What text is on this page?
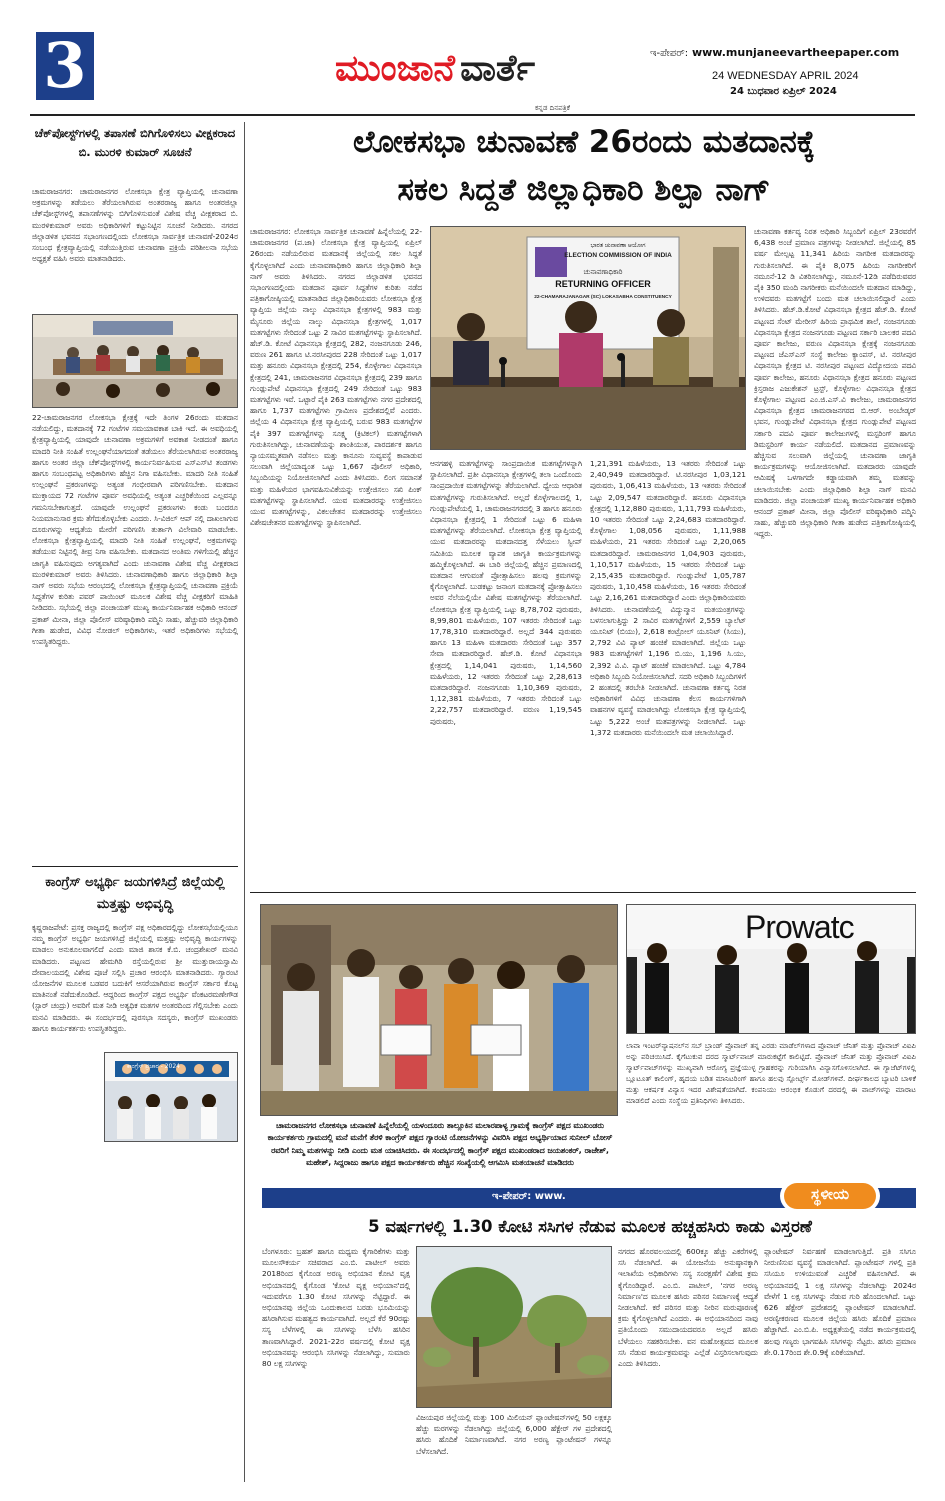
3	ಮುಂಜಾನೆ ವಾರ್ತೆ
ಕನ್ನಡ ದಿನಪತ್ರಿಕೆ
ಇ-ಪೇಪರ್: www.munjaneevartheepaper.com
24 WEDNESDAY APRIL 2024
24 ಬುಧವಾರ ಏಪ್ರಿಲ್ 2024
ಚೆಕ್‌ಪೋಸ್ಟ್‌ಗಳಲ್ಲಿ ತಪಾಸಣೆ ಬಿಗಿಗೊಳಿಸಲು ವೀಕ್ಷಕರಾದ ಬಿ. ಮುರಳಿ ಕುಮಾರ್ ಸೂಚನೆ
ಚಾಮರಾಜನಗರ: ಚಾಮರಾಜನಗರ ಲೋಕಸಭಾ ಕ್ಷೇತ್ರ ವ್ಯಾಪ್ತಿಯಲ್ಲಿ ಚುನಾವಣಾ ಅಕ್ರಮಗಳನ್ನು ತಡೆಯಲು ತೆರೆಯಲಾಗಿರುವ ಅಂತರರಾಜ್ಯ ಹಾಗೂ ಅಂತರಜಿಲ್ಲಾ ಚೆಕ್‌ಪೋಸ್ಟ್‌ಗಳಲ್ಲಿ ತಪಾಸಣೆಗಳನ್ನು ಬಿಗಿಗೊಳಿಸುವಂತೆ ವಿಶೇಷ ವೆಚ್ಚ ವೀಕ್ಷಕರಾದ ಬಿ. ಮುರಳಿಕುಮಾರ್ ಅವರು ಅಧಿಕಾರಿಗಳಿಗೆ ಕಟ್ಟುನಿಟ್ಟಿನ ಸೂಚನೆ ನೀಡಿದರು. ನಗರದ ಜಿಲ್ಲಾಡಳಿತ ಭವನದ ಸಭಾಂಗಣದಲ್ಲಿಂದು ಲೋಕಸಭಾ ಸಾರ್ವತ್ರಿಕ ಚುನಾವಣೆ-2024ರ ಸಂಬಂಧ ಕ್ಷೇತ್ರವ್ಯಾಪ್ತಿಯಲ್ಲಿ ನಡೆಯುತ್ತಿರುವ ಚುನಾವಣಾ ಪ್ರಕ್ರಿಯೆ ಪರಿಶೀಲನಾ ಸಭೆಯ ಅಧ್ಯಕ್ಷತೆ ವಹಿಸಿ ಅವರು ಮಾತನಾಡಿದರು.
22-ಚಾಮರಾಜನಗರ ಲೋಕಸಭಾ ಕ್ಷೇತ್ರಕ್ಕೆ ಇದೇ ತಿಂಗಳ 26ರಂದು ಮತದಾನ ನಡೆಯಲಿದ್ದು, ಮತದಾನಕ್ಕೆ 72 ಗಂಟೆಗಳ ಸಮಯಾವಕಾಶ ಬಾಕಿ ಇದೆ. ಈ ಅವಧಿಯಲ್ಲಿ ಕ್ಷೇತ್ರವ್ಯಾಪ್ತಿಯಲ್ಲಿ ಯಾವುದೇ ಚುನಾವಣಾ ಅಕ್ರಮಗಳಿಗೆ ಅವಕಾಶ ನೀಡದಂತೆ ಹಾಗೂ ಮಾದರಿ ನೀತಿ ಸಂಹಿತೆ ಉಲ್ಲಂಘನೆಯಾಗದಂತೆ ತಡೆಯಲು ತೆರೆಯಲಾಗಿರುವ ಅಂತರರಾಜ್ಯ ಹಾಗೂ ಅಂತರ ಜಿಲ್ಲಾ ಚೆಕ್‌ಪೋಸ್ಟ್‌ಗಳಲ್ಲಿ ಕಾರ್ಯನಿರ್ವಹಿಸುವ ಎಸ್‌ಎಸ್‌ಟಿ ತಂಡಗಳು ಹಾಗೂ ಸಂಬಂಧಪಟ್ಟ ಅಧಿಕಾರಿಗಳು ಹೆಚ್ಚಿನ ನಿಗಾ ವಹಿಸಬೇಕು. ಮಾದರಿ ನೀತಿ ಸಂಹಿತೆ ಉಲ್ಲಂಘನೆ ಪ್ರಕರಣಗಳನ್ನು ಅತ್ಯಂತ ಗಂಭೀರವಾಗಿ ಪರಿಗಣಿಸಬೇಕು. ಮತದಾನ ಮುಕ್ತಾಯದ 72 ಗಂಟೆಗಳ ಪೂರ್ವ ಅವಧಿಯಲ್ಲಿ ಅತ್ಯಂತ ಎಚ್ಚರಿಕೆಯಿಂದ ಎಲ್ಲವನ್ನೂ ಗಮನಿಸಬೇಕಾಗುತ್ತದೆ. ಯಾವುದೇ ಉಲ್ಲಂಘನೆ ಪ್ರಕರಣಗಳು ಕಂಡು ಬಂದರೂ ನಿಯಮಾನುಸಾರ ಕ್ರಮ ತೆಗೆದುಕೊಳ್ಳಬೇಕು ಎಂದರು. ಸಿ-ವಿಜಿಲ್ ಆಪ್ ನಲ್ಲಿ ದಾಖಲಾಗುವ ದೂರುಗಳನ್ನು ಆಧ್ಯತೆಯ ಮೇರೆಗೆ ಪರಿಗಣಿಸಿ ತುರ್ತಾಗಿ ವಿಲೇವಾರಿ ಮಾಡಬೇಕು. ಲೋಕಸಭಾ ಕ್ಷೇತ್ರವ್ಯಾಪ್ತಿಯಲ್ಲಿ ಮಾದರಿ ನೀತಿ ಸಂಹಿತೆ ಉಲ್ಲಂಘನೆ, ಅಕ್ರಮಗಳನ್ನು ತಡೆಯುವ ನಿಟ್ಟಿನಲ್ಲಿ ತೀವ್ರ ನಿಗಾ ವಹಿಸಬೇಕು. ಮತದಾನದ ಅಂತಿಮ ಗಳಿಗೆಯಲ್ಲಿ ಹೆಚ್ಚಿನ ಜಾಗೃತಿ ವಹಿಸುವುದು ಅಗತ್ಯವಾಗಿದೆ ಎಂದು ಚುನಾವಣಾ ವಿಶೇಷ ವೆಚ್ಚ ವೀಕ್ಷಕರಾದ ಮುರಳಿಕುಮಾರ್ ಅವರು ತಿಳಿಸಿದರು. ಚುನಾವಣಾಧಿಕಾರಿ ಹಾಗೂ ಜಿಲ್ಲಾಧಿಕಾರಿ ಶಿಲ್ಪಾ ನಾಗ್ ಅವರು ಸಭೆಯ ಆರಂಭದಲ್ಲಿ ಲೋಕಸಭಾ ಕ್ಷೇತ್ರವ್ಯಾಪ್ತಿಯಲ್ಲಿ ಚುನಾವಣಾ ಪ್ರಕ್ರಿಯೆ ಸಿದ್ದತೆಗಳ ಕುರಿತು ಪವರ್ ಪಾಯಿಂಟ್ ಮೂಲಕ ವಿಶೇಷ ವೆಚ್ಚ ವೀಕ್ಷಕರಿಗೆ ಮಾಹಿತಿ ನೀಡಿದರು. ಸಭೆಯಲ್ಲಿ ಜಿಲ್ಲಾ ಪಂಚಾಯತ್ ಮುಖ್ಯ ಕಾರ್ಯನಿರ್ವಾಹಕ ಅಧಿಕಾರಿ ಆನಂದ್ ಪ್ರಕಾಶ್ ಮೀನಾ, ಜಿಲ್ಲಾ ಪೊಲೀಸ್ ವರಿಷ್ಠಾಧಿಕಾರಿ ಪದ್ಮಿನಿ ಸಾಹು, ಹೆಚ್ಚುವರಿ ಜಿಲ್ಲಾಧಿಕಾರಿ ಗೀತಾ ಹುಡೇದ, ವಿವಿಧ ನೋಡಲ್ ಅಧಿಕಾರಿಗಳು, ಇತರೆ ಅಧಿಕಾರಿಗಳು ಸಭೆಯಲ್ಲಿ ಉಪಸ್ಥಿತರಿದ್ದರು.
ಕಾಂಗ್ರೆಸ್ ಅಭ್ಯರ್ಥಿ ಜಯಗಳಿಸಿದ್ರೆ ಜಿಲ್ಲೆಯಲ್ಲಿ ಮತ್ತಷ್ಟು ಅಭಿವೃದ್ಧಿ
ಕೃಷ್ಣರಾಜಪೇಟೆ: ಪ್ರಸಕ್ತ ರಾಜ್ಯದಲ್ಲಿ ಕಾಂಗ್ರೆಸ್ ಪಕ್ಷ ಅಧಿಕಾರದಲ್ಲಿದ್ದು ಲೋಕಸಭೆಯಲ್ಲಿಯೂ ನಮ್ಮ ಕಾಂಗ್ರೆಸ್ ಅಭ್ಯರ್ಥಿ ಜಯಗಳಿಸಿದ್ರೆ ಜಿಲ್ಲೆಯಲ್ಲಿ ಮತ್ತಷ್ಟು ಅಭಿವೃದ್ಧಿ ಕಾರ್ಯಗಳನ್ನು ಮಾಡಲು ಅನುಕೂಲವಾಗಲಿದೆ ಎಂದು ಮಾಜಿ ಶಾಸಕ ಕೆ.ಬಿ. ಚಂದ್ರಶೇಖರ್ ಮನವಿ ಮಾಡಿದರು. ಪಟ್ಟಣದ ಹೇಮಗಿರಿ ರಸ್ತೆಯಲ್ಲಿರುವ ಶ್ರೀ ಮುತ್ತುರಾಯಸ್ವಾಮಿ ದೇವಾಲಯದಲ್ಲಿ ವಿಶೇಷ ಪೂಜೆ ಸಲ್ಲಿಸಿ ಪ್ರಚಾರ ಆರಂಭಿಸಿ ಮಾತನಾಡಿದರು. ಗ್ಯಾರಂಟಿ ಯೋಜನೆಗಳ ಮೂಲಕ ಬಡವರ ಬದುಕಿಗೆ ಆಸರೆಯಾಗಿರುವ ಕಾಂಗ್ರೆಸ್ ಸರ್ಕಾರ ಕೊಟ್ಟ ಮಾತಿನಂತೆ ನಡೆದುಕೊಂಡಿದೆ. ಆದ್ದರಿಂದ ಕಾಂಗ್ರೆಸ್ ಪಕ್ಷದ ಅಭ್ಯರ್ಥಿ ವೆಂಕಟರಮಣೇಗೌಡ (ಸ್ಟಾರ್ ಚಂದ್ರು) ಅವರಿಗೆ ಮತ ನೀಡಿ ಅತ್ಯಧಿಕ ಮತಗಳ ಅಂತರದಿಂದ ಗೆಲ್ಲಿಸಬೇಕು ಎಂದು ಮನವಿ ಮಾಡಿದರು. ಈ ಸಂದರ್ಭದಲ್ಲಿ ಪುರಸಭಾ ಸದಸ್ಯರು, ಕಾಂಗ್ರೆಸ್ ಮುಖಂಡರು ಹಾಗೂ ಕಾರ್ಯಕರ್ತರು ಉಪಸ್ಥಿತರಿದ್ದರು.
ಕಾಂಗ್ರೆಸ್ ಪ್ರಚಾರ - 2024
ಲೋಕಸಭಾ ಚುನಾವಣೆ 26ರಂದು ಮತದಾನಕ್ಕೆ
ಸಕಲ ಸಿದ್ದತೆ ಜಿಲ್ಲಾಧಿಕಾರಿ ಶಿಲ್ಪಾ ನಾಗ್
ಚಾಮರಾಜನಗರ: ಲೋಕಸಭಾ ಸಾರ್ವತ್ರಿಕ ಚುನಾವಣೆ ಹಿನ್ನೆಲೆಯಲ್ಲಿ 22-ಚಾಮರಾಜನಗರ (ಪ.ಜಾ) ಲೋಕಸಭಾ ಕ್ಷೇತ್ರ ವ್ಯಾಪ್ತಿಯಲ್ಲಿ ಏಪ್ರಿಲ್ 26ರಂದು ನಡೆಯಲಿರುವ ಮತದಾನಕ್ಕೆ ಜಿಲ್ಲೆಯಲ್ಲಿ ಸಕಲ ಸಿದ್ದತೆ ಕೈಗೊಳ್ಳಲಾಗಿದೆ ಎಂದು ಚುನಾವಣಾಧಿಕಾರಿ ಹಾಗೂ ಜಿಲ್ಲಾಧಿಕಾರಿ ಶಿಲ್ಪಾ ನಾಗ್ ಅವರು ತಿಳಿಸಿದರು. ನಗರದ ಜಿಲ್ಲಾಡಳಿತ ಭವನದ ಸಭಾಂಗಣದಲ್ಲಿಂದು ಮತದಾನ ಪೂರ್ವ ಸಿದ್ದತೆಗಳ ಕುರಿತು ನಡೆದ ಪತ್ರಿಕಾಗೋಷ್ಠಿಯಲ್ಲಿ ಮಾತನಾಡಿದ ಜಿಲ್ಲಾಧಿಕಾರಿಯವರು ಲೋಕಸಭಾ ಕ್ಷೇತ್ರ ವ್ಯಾಪ್ತಿಯ ಜಿಲ್ಲೆಯ ನಾಲ್ಕು ವಿಧಾನಸಭಾ ಕ್ಷೇತ್ರಗಳಲ್ಲಿ 983 ಮತ್ತು ಮೈಸೂರು ಜಿಲ್ಲೆಯ ನಾಲ್ಕು ವಿಧಾನಸಭಾ ಕ್ಷೇತ್ರಗಳಲ್ಲಿ 1,017 ಮತಗಟ್ಟೆಗಳು ಸೇರಿದಂತೆ ಒಟ್ಟು 2 ಸಾವಿರ ಮತಗಟ್ಟೆಗಳನ್ನು ಸ್ಥಾಪಿಸಲಾಗಿದೆ. ಹೆಚ್.ಡಿ. ಕೋಟೆ ವಿಧಾನಸಭಾ ಕ್ಷೇತ್ರದಲ್ಲಿ 282, ನಂಜನಗೂಡು 246, ವರುಣ 261 ಹಾಗೂ ಟಿ.ನರಸೀಪುರದ 228 ಸೇರಿದಂತೆ ಒಟ್ಟು 1,017 ಮತ್ತು ಹನೂರು ವಿಧಾನಸಭಾ ಕ್ಷೇತ್ರದಲ್ಲಿ 254, ಕೊಳ್ಳೇಗಾಲ ವಿಧಾನಸಭಾ ಕ್ಷೇತ್ರದಲ್ಲಿ 241, ಚಾಮರಾಜನಗರ ವಿಧಾನಸಭಾ ಕ್ಷೇತ್ರದಲ್ಲಿ 239 ಹಾಗೂ ಗುಂಡ್ಲುಪೇಟೆ ವಿಧಾನಸಭಾ ಕ್ಷೇತ್ರದಲ್ಲಿ 249 ಸೇರಿದಂತೆ ಒಟ್ಟು 983 ಮತಗಟ್ಟೆಗಳು ಇವೆ. ಒಟ್ಟಾರೆ ಪೈಕಿ 263 ಮತಗಟ್ಟೆಗಳು ನಗರ ಪ್ರದೇಶದಲ್ಲಿ ಹಾಗೂ 1,737 ಮತಗಟ್ಟೆಗಳು ಗ್ರಾಮೀಣ ಪ್ರದೇಶದಲ್ಲಿವೆ ಎಂದರು. ಜಿಲ್ಲೆಯ 4 ವಿಧಾನಸಭಾ ಕ್ಷೇತ್ರ ವ್ಯಾಪ್ತಿಯಲ್ಲಿ ಬರುವ 983 ಮತಗಟ್ಟೆಗಳ ಪೈಕಿ 397 ಮತಗಟ್ಟೆಗಳನ್ನು ಸೂಕ್ಷ್ಮ (ಕ್ರಿಟಿಕಲ್) ಮತಗಟ್ಟೆಗಳಾಗಿ ಗುರುತಿಸಲಾಗಿದ್ದು, ಚುನಾವಣೆಯನ್ನು ಶಾಂತಿಯುತ, ಪಾರದರ್ಶಕ ಹಾಗೂ ನ್ಯಾಯಸಮ್ಮತವಾಗಿ ನಡೆಸಲು ಮತ್ತು ಕಾನೂನು ಸುವ್ಯವಸ್ಥೆ ಕಾಪಾಡುವ ಸಲುವಾಗಿ ಜಿಲ್ಲೆಯಾದ್ಯಂತ ಒಟ್ಟು 1,667 ಪೊಲೀಸ್ ಅಧಿಕಾರಿ, ಸಿಬ್ಬಂದಿಯನ್ನು ನಿಯೋಜಿಸಲಾಗಿದೆ ಎಂದು ತಿಳಿಸಿದರು. ಲಿಂಗ ಸಮಾನತೆ ಮತ್ತು ಮಹಿಳೆಯರ ಭಾಗವಹಿಸುವಿಕೆಯನ್ನು ಉತ್ತೇಜಿಸಲು ಸಖಿ ಪಿಂಕ್ ಮತಗಟ್ಟೆಗಳನ್ನು ಸ್ಥಾಪಿಸಲಾಗಿದೆ. ಯುವ ಮತದಾರರನ್ನು ಉತ್ತೇಜಿಸಲು ಯುವ ಮತಗಟ್ಟೆಗಳನ್ನು, ವಿಕಲಚೇತನ ಮತದಾರರನ್ನು ಉತ್ತೇಜಿಸಲು ವಿಶೇಷಚೇತನರ ಮತಗಟ್ಟೆಗಳನ್ನು ಸ್ಥಾಪಿಸಲಾಗಿದೆ.
ಭಾರತ ಚುನಾವಣಾ ಆಯೋಗ
ELECTION COMMISSION OF INDIA
ಚುನಾವಣಾಧಿಕಾರಿ
RETURNING OFFICER
22-CHAMARAJANAGAR (SC) LOKASABHA CONSTITUENCY
ಆನಗಹಳ್ಳಿ ಮತಗಟ್ಟೆಗಳನ್ನು ಸಾಂಪ್ರದಾಯಿಕ ಮತಗಟ್ಟೆಗಳನ್ನಾಗಿ ಸ್ಥಾಪಿಸಲಾಗಿದೆ. ಪ್ರತೀ ವಿಧಾನಸಭಾ ಕ್ಷೇತ್ರಗಳಲ್ಲಿ ತಲಾ ಒಂದೊಂದು ಸಾಂಪ್ರದಾಯಿಕ ಮತಗಟ್ಟೆಗಳನ್ನು ತೆರೆಯಲಾಗಿದೆ. ಧ್ಯೇಯ ಆಧಾರಿತ ಮತಗಟ್ಟೆಗಳನ್ನು ಗುರುತಿಸಲಾಗಿದೆ. ಅಲ್ಲದೆ ಕೊಳ್ಳೇಗಾಲದಲ್ಲಿ 1, ಗುಂಡ್ಲುಪೇಟೆಯಲ್ಲಿ 1, ಚಾಮರಾಜನಗರದಲ್ಲಿ 3 ಹಾಗೂ ಹನೂರು ವಿಧಾನಸಭಾ ಕ್ಷೇತ್ರದಲ್ಲಿ 1 ಸೇರಿದಂತೆ ಒಟ್ಟು 6 ಮಹಿಳಾ ಮತಗಟ್ಟೆಗಳನ್ನು ತೆರೆಯಲಾಗಿದೆ. ಲೋಕಸಭಾ ಕ್ಷೇತ್ರ ವ್ಯಾಪ್ತಿಯಲ್ಲಿ ಯುವ ಮತದಾರರನ್ನು ಮತದಾನದತ್ತ ಸೆಳೆಯಲು ಸ್ವೀಪ್ ಸಮಿತಿಯ ಮೂಲಕ ವ್ಯಾಪಕ ಜಾಗೃತಿ ಕಾರ್ಯಕ್ರಮಗಳನ್ನು ಹಮ್ಮಿಕೊಳ್ಳಲಾಗಿದೆ. ಈ ಬಾರಿ ಜಿಲ್ಲೆಯಲ್ಲಿ ಹೆಚ್ಚಿನ ಪ್ರಮಾಣದಲ್ಲಿ ಮತದಾನ ಆಗುವಂತೆ ಪ್ರೋತ್ಸಾಹಿಸಲು ಹಲವು ಕ್ರಮಗಳನ್ನು ಕೈಗೊಳ್ಳಲಾಗಿದೆ. ಬುಡಕಟ್ಟು ಜನಾಂಗ ಮತದಾನಕ್ಕೆ ಪ್ರೋತ್ಸಾಹಿಸಲು ಅವರ ನೆಲೆಯಲ್ಲಿಯೇ ವಿಶೇಷ ಮತಗಟ್ಟೆಗಳನ್ನು ತೆರೆಯಲಾಗಿದೆ. ಲೋಕಸಭಾ ಕ್ಷೇತ್ರ ವ್ಯಾಪ್ತಿಯಲ್ಲಿ ಒಟ್ಟು 8,78,702 ಪುರುಷರು, 8,99,801 ಮಹಿಳೆಯರು, 107 ಇತರರು ಸೇರಿದಂತೆ ಒಟ್ಟು 17,78,310 ಮತದಾರರಿದ್ದಾರೆ. ಅಲ್ಲದೆ 344 ಪುರುಷರು ಹಾಗೂ 13 ಮಹಿಳಾ ಮತದಾರರು ಸೇರಿದಂತೆ ಒಟ್ಟು 357 ಸೇವಾ ಮತದಾರರಿದ್ದಾರೆ. ಹೆಚ್.ಡಿ. ಕೋಟೆ ವಿಧಾನಸಭಾ ಕ್ಷೇತ್ರದಲ್ಲಿ 1,14,041 ಪುರುಷರು, 1,14,560 ಮಹಿಳೆಯರು, 12 ಇತರರು ಸೇರಿದಂತೆ ಒಟ್ಟು 2,28,613 ಮತದಾರರಿದ್ದಾರೆ. ನಂಜನಗೂಡು 1,10,369 ಪುರುಷರು, 1,12,381 ಮಹಿಳೆಯರು, 7 ಇತರರು ಸೇರಿದಂತೆ ಒಟ್ಟು 2,22,757 ಮತದಾರರಿದ್ದಾರೆ. ವರುಣ 1,19,545 ಪುರುಷರು,
1,21,391 ಮಹಿಳೆಯರು, 13 ಇತರರು ಸೇರಿದಂತೆ ಒಟ್ಟು 2,40,949 ಮತದಾರರಿದ್ದಾರೆ. ಟಿ.ನರಸೀಪುರ 1,03,121 ಪುರುಷರು, 1,06,413 ಮಹಿಳೆಯರು, 13 ಇತರರು ಸೇರಿದಂತೆ ಒಟ್ಟು 2,09,547 ಮತದಾರರಿದ್ದಾರೆ. ಹನೂರು ವಿಧಾನಸಭಾ ಕ್ಷೇತ್ರದಲ್ಲಿ 1,12,880 ಪುರುಷರು, 1,11,793 ಮಹಿಳೆಯರು, 10 ಇತರರು ಸೇರಿದಂತೆ ಒಟ್ಟು 2,24,683 ಮತದಾರರಿದ್ದಾರೆ. ಕೊಳ್ಳೇಗಾಲ 1,08,056 ಪುರುಷರು, 1,11,988 ಮಹಿಳೆಯರು, 21 ಇತರರು ಸೇರಿದಂತೆ ಒಟ್ಟು 2,20,065 ಮತದಾರರಿದ್ದಾರೆ. ಚಾಮರಾಜನಗರ 1,04,903 ಪುರುಷರು, 1,10,517 ಮಹಿಳೆಯರು, 15 ಇತರರು ಸೇರಿದಂತೆ ಒಟ್ಟು 2,15,435 ಮತದಾರರಿದ್ದಾರೆ. ಗುಂಡ್ಲುಪೇಟೆ 1,05,787 ಪುರುಷರು, 1,10,458 ಮಹಿಳೆಯರು, 16 ಇತರರು ಸೇರಿದಂತೆ ಒಟ್ಟು 2,16,261 ಮತದಾರರಿದ್ದಾರೆ ಎಂದು ಜಿಲ್ಲಾಧಿಕಾರಿಯವರು ತಿಳಿಸಿದರು. ಚುನಾವಣೆಯಲ್ಲಿ ವಿದ್ಯುನ್ಮಾನ ಮತಯಂತ್ರಗಳನ್ನು ಬಳಸಲಾಗುತ್ತಿದ್ದು 2 ಸಾವಿರ ಮತಗಟ್ಟೆಗಳಿಗೆ 2,559 ಬ್ಯಾಲೆಟ್ ಯೂನಿಟ್ (ಬಿಯು), 2,618 ಕಂಟ್ರೋಲ್ ಯೂನಿಟ್ (ಸಿಯು), 2,792 ವಿವಿ ಪ್ಯಾಟ್ ಹಂಚಿಕೆ ಮಾಡಲಾಗಿದೆ. ಜಿಲ್ಲೆಯ ಒಟ್ಟು 983 ಮತಗಟ್ಟೆಗಳಿಗೆ 1,196 ಬಿ.ಯು, 1,196 ಸಿ.ಯು, 2,392 ವಿ.ವಿ. ಪ್ಯಾಟ್ ಹಂಚಿಕೆ ಮಾಡಲಾಗಿದೆ. ಒಟ್ಟು 4,784 ಅಧಿಕಾರಿ ಸಿಬ್ಬಂದಿ ನಿಯೋಜಿಸಲಾಗಿದೆ. ಸದರಿ ಅಧಿಕಾರಿ ಸಿಬ್ಬಂದಿಗಳಿಗೆ 2 ಹಂತದಲ್ಲಿ ತರಬೇತಿ ನೀಡಲಾಗಿದೆ. ಚುನಾವಣಾ ಕರ್ತವ್ಯ ನಿರತ ಅಧಿಕಾರಿಗಳಿಗೆ ವಿವಿಧ ಚುನಾವಣಾ ಕೆಲಸ ಕಾರ್ಯಗಳಿಗಾಗಿ ವಾಹನಗಳ ವ್ಯವಸ್ಥೆ ಮಾಡಲಾಗಿದ್ದು ಲೋಕಸಭಾ ಕ್ಷೇತ್ರ ವ್ಯಾಪ್ತಿಯಲ್ಲಿ ಒಟ್ಟು 5,222 ಅಂಚೆ ಮತಪತ್ರಗಳನ್ನು ನೀಡಲಾಗಿದೆ. ಒಟ್ಟು 1,372 ಮತದಾರರು ಮನೆಯಿಂದಲೇ ಮತ ಚಲಾಯಿಸಿದ್ದಾರೆ.
ಚುನಾವಣಾ ಕರ್ತವ್ಯ ನಿರತ ಅಧಿಕಾರಿ ಸಿಬ್ಬಂದಿಗೆ ಏಪ್ರಿಲ್ 23ರವರೆಗೆ 6,438 ಅಂಚೆ ಪ್ರಮಾಣ ಪತ್ರಗಳನ್ನು ನೀಡಲಾಗಿದೆ. ಜಿಲ್ಲೆಯಲ್ಲಿ 85 ವರ್ಷ ಮೇಲ್ಪಟ್ಟ 11,341 ಹಿರಿಯ ನಾಗರೀಕ ಮತದಾರರನ್ನು ಗುರುತಿಸಲಾಗಿದೆ. ಈ ಪೈಕಿ 8,075 ಹಿರಿಯ ನಾಗರೀಕರಿಗೆ ನಮೂನೆ-12 ಡಿ ವಿತರಿಸಲಾಗಿದ್ದು, ನಮೂನೆ-12ಡಿ ಪಡೆದಿರುವವರ ಪೈಕಿ 350 ಮಂದಿ ನಾಗರೀಕರು ಮನೆಯಿಂದಲೇ ಮತದಾನ ಮಾಡಿದ್ದು, ಉಳಿದವರು ಮತಗಟ್ಟೆಗೆ ಬಂದು ಮತ ಚಲಾಯಿಸಲಿದ್ದಾರೆ ಎಂದು ತಿಳಿಸಿದರು. ಹೆಚ್.ಡಿ.ಕೋಟೆ ವಿಧಾನಸಭಾ ಕ್ಷೇತ್ರದ ಹೆಚ್.ಡಿ. ಕೋಟೆ ಪಟ್ಟಣದ ಸೆಂಟ್ ಮೇರೀಸ್ ಹಿರಿಯ ಪ್ರಾಥಮಿಕ ಶಾಲೆ, ನಂಜನಗೂಡು ವಿಧಾನಸಭಾ ಕ್ಷೇತ್ರದ ನಂಜನಗೂಡು ಪಟ್ಟಣದ ಸರ್ಕಾರಿ ಬಾಲಕರ ಪದವಿ ಪೂರ್ವ ಕಾಲೇಜು, ವರುಣ ವಿಧಾನಸಭಾ ಕ್ಷೇತ್ರಕ್ಕೆ ನಂಜನಗೂಡು ಪಟ್ಟಣದ ಜೆಎಸ್‌ಎಸ್ ಸಂಸ್ಥೆ ಕಾಲೇಜು ಕ್ಯಾಂಪಸ್, ಟಿ. ನರಸೀಪುರ ವಿಧಾನಸಭಾ ಕ್ಷೇತ್ರದ ಟಿ. ನರಸೀಪುರ ಪಟ್ಟಣದ ವಿದ್ಯೋದಯ ಪದವಿ ಪೂರ್ವ ಕಾಲೇಜು, ಹನೂರು ವಿಧಾನಸಭಾ ಕ್ಷೇತ್ರದ ಹನೂರು ಪಟ್ಟಣದ ಕ್ರಿಸ್ತರಾಜ ಎಜುಕೇಶನ್ ಟ್ರಸ್ಟ್, ಕೊಳ್ಳೇಗಾಲ ವಿಧಾನಸಭಾ ಕ್ಷೇತ್ರದ ಕೊಳ್ಳೇಗಾಲ ಪಟ್ಟಣದ ಎಂ.ಜಿ.ಎಸ್.ವಿ ಕಾಲೇಜು, ಚಾಮರಾಜನಗರ ವಿಧಾನಸಭಾ ಕ್ಷೇತ್ರದ ಚಾಮರಾಜನಗರದ ಬಿ.ಆರ್. ಅಂಬೇಡ್ಕರ್ ಭವನ, ಗುಂಡ್ಲುಪೇಟೆ ವಿಧಾನಸಭಾ ಕ್ಷೇತ್ರದ ಗುಂಡ್ಲುಪೇಟೆ ಪಟ್ಟಣದ ಸರ್ಕಾರಿ ಪದವಿ ಪೂರ್ವ ಕಾಲೇಜುಗಳಲ್ಲಿ ಮಸ್ಟರಿಂಗ್ ಹಾಗೂ ಡಿಮಸ್ಟರಿಂಗ್ ಕಾರ್ಯ ನಡೆಯಲಿದೆ. ಮತದಾನದ ಪ್ರಮಾಣವನ್ನು ಹೆಚ್ಚಿಸುವ ಸಲುವಾಗಿ ಜಿಲ್ಲೆಯಲ್ಲಿ ಚುನಾವಣಾ ಜಾಗೃತಿ ಕಾರ್ಯಕ್ರಮಗಳನ್ನು ಆಯೋಜಿಸಲಾಗಿದೆ. ಮತದಾರರು ಯಾವುದೇ ಆಮಿಷಕ್ಕೆ ಒಳಗಾಗದೇ ಕಡ್ಡಾಯವಾಗಿ ತಮ್ಮ ಮತವನ್ನು ಚಲಾಯಿಸಬೇಕು ಎಂದು ಜಿಲ್ಲಾಧಿಕಾರಿ ಶಿಲ್ಪಾ ನಾಗ್ ಮನವಿ ಮಾಡಿದರು. ಜಿಲ್ಲಾ ಪಂಚಾಯತ್ ಮುಖ್ಯ ಕಾರ್ಯನಿರ್ವಾಹಕ ಅಧಿಕಾರಿ ಆನಂದ್ ಪ್ರಕಾಶ್ ಮೀನಾ, ಜಿಲ್ಲಾ ಪೊಲೀಸ್ ವರಿಷ್ಠಾಧಿಕಾರಿ ಪದ್ಮಿನಿ ಸಾಹು, ಹೆಚ್ಚುವರಿ ಜಿಲ್ಲಾಧಿಕಾರಿ ಗೀತಾ ಹುಡೇದ ಪತ್ರಿಕಾಗೋಷ್ಠಿಯಲ್ಲಿ ಇದ್ದರು.
ಚಾಮರಾಜನಗರ ಲೋಕಸಭಾ ಚುನಾವಣೆ ಹಿನ್ನೆಲೆಯಲ್ಲಿ ಯಳಂದೂರು ತಾಲ್ಲೂಕಿನ ಮಲಾರಪಾಳ್ಯ ಗ್ರಾಮಕ್ಕೆ ಕಾಂಗ್ರೆಸ್ ಪಕ್ಷದ ಮುಖಂಡರು ಕಾರ್ಯಕರ್ತರು ಗ್ರಾಮದಲ್ಲಿ ಮನೆ ಮನೆಗೆ ತೆರಳಿ ಕಾಂಗ್ರೆಸ್ ಪಕ್ಷದ ಗ್ಯಾರಂಟಿ ಯೋಜನೆಗಳನ್ನು ವಿವರಿಸಿ ಪಕ್ಷದ ಅಭ್ಯರ್ಥಿಯಾದ ಸುನೀಲ್ ಬೋಸ್ ರವರಿಗೆ ನಿಮ್ಮ ಮತಗಳನ್ನು ನೀಡಿ ಎಂದು ಮತ ಯಾಚಿಸಿದರು. ಈ ಸಂದರ್ಭದಲ್ಲಿ ಕಾಂಗ್ರೆಸ್ ಪಕ್ಷದ ಮುಖಂಡರಾದ ಜಯಶಂಕರ್, ರಾಜೇಶ್, ಮಹೇಶ್, ಸಿದ್ದರಾಜು ಹಾಗೂ ಪಕ್ಷದ ಕಾರ್ಯಕರ್ತರು ಹೆಚ್ಚಿನ ಸಂಖ್ಯೆಯಲ್ಲಿ ಆಗಮಿಸಿ ಮತಯಾಚನೆ ಮಾಡಿದರು
Prowatc
ಲಾವಾ ಇಂಟರ್‌ನ್ಯಾಷನಲ್‌ನ ಸಬ್ ಬ್ರಾಂಡ್ ಪ್ರೊವಾಚ್ ತನ್ನ ಎರಡು ಮಾಡೆಲ್‌ಗಳಾದ ಪ್ರೊವಾಚ್ ಜೆನಿತ್ ಮತ್ತು ಪ್ರೊವಾಚ್ ವಿಐಪಿ ಅನ್ನು ಪರಿಚಯಿಸಿದೆ. ಕೈಗೆಟುಕುವ ದರದ ಸ್ಮಾರ್ಟ್‌ವಾಚ್ ಮಾರುಕಟ್ಟೆಗೆ ಕಾಲಿಟ್ಟಿದೆ. ಪ್ರೊವಾಚ್ ಜೆನಿತ್ ಮತ್ತು ಪ್ರೊವಾಚ್ ವಿಐಪಿ ಸ್ಮಾರ್ಟ್‌ವಾಚ್‌ಗಳನ್ನು ಮುಖ್ಯವಾಗಿ ಆರೋಗ್ಯ ಪ್ರಜ್ಞೆಯುಳ್ಳ ಗ್ರಾಹಕರನ್ನು ಗುರಿಯಾಗಿಸಿ ವಿನ್ಯಾಸಗೊಳಿಸಲಾಗಿದೆ. ಈ ಗ್ಯಾಜೆಟ್‌ಗಳಲ್ಲಿ ಬ್ಲೂಟೂತ್ ಕಾಲಿಂಗ್, ಹೃದಯ ಬಡಿತ ಮಾನಿಟರಿಂಗ್ ಹಾಗೂ ಹಲವು ಸ್ಪೋರ್ಟ್ಸ್ ಮೋಡ್‌ಗಳಿವೆ. ದೀರ್ಘಕಾಲದ ಬ್ಯಾಟರಿ ಬಾಳಿಕೆ ಮತ್ತು ಆಕರ್ಷಕ ವಿನ್ಯಾಸ ಇದರ ವಿಶೇಷತೆಯಾಗಿದೆ. ಕಂಪನಿಯು ಆರಂಭಿಕ ಕೊಡುಗೆ ದರದಲ್ಲಿ ಈ ವಾಚ್‌ಗಳನ್ನು ಮಾರಾಟ ಮಾಡಲಿದೆ ಎಂದು ಸಂಸ್ಥೆಯ ಪ್ರತಿನಿಧಿಗಳು ತಿಳಿಸಿದರು.
ಇ-ಪೇಪರ್: www.	ಸ್ಥಳೀಯ
5 ವರ್ಷಗಳಲ್ಲಿ 1.30 ಕೋಟಿ ಸಸಿಗಳ ನೆಡುವ ಮೂಲಕ ಹಚ್ಚಹಸಿರು ಕಾಡು ವಿಸ್ತರಣೆ
ಬೆಂಗಳೂರು: ಬ್ರಹತ್ ಹಾಗೂ ಮಧ್ಯಮ ಕೈಗಾರಿಕೆಗಳು ಮತ್ತು ಮೂಲಸೌಕರ್ಯ ಸಚಿವರಾದ ಎಂ.ಬಿ. ಪಾಟೀಲ್ ಅವರು 2018ರಿಂದ ಕೈಗೊಂಡ ಅರಣ್ಯ ಅಭಿಯಾನ ಕೋಟಿ ವೃಕ್ಷ ಅಭಿಯಾನದಲ್ಲಿ ಕೈಗೊಂಡ 'ಕೋಟಿ ವೃಕ್ಷ ಅಭಿಯಾನ'ದಲ್ಲಿ ಇದುವರೆಗೂ 1.30 ಕೋಟಿ ಸಸಿಗಳನ್ನು ನೆಟ್ಟಿದ್ದಾರೆ. ಈ ಅಭಿಯಾನವು ಜಿಲ್ಲೆಯ ಒಂದುಕಾಲದ ಬರಡು ಭೂಮಿಯನ್ನು ಹಸಿರಾಗಿಸುವ ಮಹತ್ವದ ಕಾರ್ಯವಾಗಿದೆ. ಅಲ್ಲದೆ ಕೆರೆ 90ರಷ್ಟು ಸಸ್ಯ ಬೆಳೆಗಳಲ್ಲಿ ಈ ಸಸಿಗಳನ್ನು ಬೆಳೆಸಿ ಹಸಿರಿನ ತಾಣವಾಗಿಸಿದ್ದಾರೆ. 2021-22ರ ವರ್ಷದಲ್ಲಿ ಕೋಟಿ ವೃಕ್ಷ ಅಭಿಯಾನವನ್ನು ಆರಂಭಿಸಿ ಸಸಿಗಳನ್ನು ನೆಡಲಾಗಿದ್ದು, ಸುಮಾರು 80 ಲಕ್ಷ ಸಸಿಗಳನ್ನು
ವಿಜಯಪುರ ಜಿಲ್ಲೆಯಲ್ಲಿ ಮತ್ತು 100 ಮಿಲಿಯನ್ ಪ್ಲಾಂಟೇಷನ್‌ಗಳಲ್ಲಿ 50 ಲಕ್ಷಕ್ಕೂ ಹೆಚ್ಚು ಮರಗಳನ್ನು ನೆಡಲಾಗಿದ್ದು ಜಿಲ್ಲೆಯಲ್ಲಿ 6,000 ಹೆಕ್ಟೇರ್ ಗಳ ಪ್ರದೇಶದಲ್ಲಿ ಹಸಿರು ಹೊದಿಕೆ ನಿರ್ಮಾಣವಾಗಿದೆ. ನಗರ ಅರಣ್ಯ ಪ್ಲಾಂಟೇಷನ್ ಗಳನ್ನೂ ಬೆಳೆಸಲಾಗಿದೆ.
ನಗರದ ಹೊರವಲಯದಲ್ಲಿ 600ಕ್ಕೂ ಹೆಚ್ಚು ಎಕರೆಗಳಲ್ಲಿ ಸಸಿ ನೆಡಲಾಗಿದೆ. ಈ ಯೋಜನೆಯ ಅನುಷ್ಠಾನಕ್ಕಾಗಿ ಇಲಾಖೆಯ ಅಧಿಕಾರಿಗಳು ಸಸ್ಯ ಸಂರಕ್ಷಣೆಗೆ ವಿಶೇಷ ಕ್ರಮ ಕೈಗೊಂಡಿದ್ದಾರೆ. ಎಂ.ಬಿ. ಪಾಟೀಲ್, 'ನಗರ ಅರಣ್ಯ ನಿರ್ಮಾಣ'ದ ಮೂಲಕ ಹಸಿರು ಪರಿಸರ ನಿರ್ಮಾಣಕ್ಕೆ ಆದ್ಯತೆ ನೀಡಲಾಗಿದೆ. ಕರೆ ಪರಿಸರ ಮತ್ತು ನೀರಿನ ಮರುಪೂರಣಕ್ಕೆ ಕ್ರಮ ಕೈಗೊಳ್ಳಲಾಗಿದೆ ಎಂದರು. ಈ ಅಭಿಯಾನದಿಂದ ನಾವು ಪ್ರತಿಯೊಂದು ಸಮುದಾಯದವರೂ ಅಲ್ಲದೆ ಹಸಿರು ಬೆಳೆಯಲು ಸಹಕರಿಸಬೇಕು. ವನ ಮಹೋತ್ಸವದ ಮೂಲಕ ಸಸಿ ನೆಡುವ ಕಾರ್ಯಕ್ರಮವನ್ನು ಎಲ್ಲೆಡೆ ವಿಸ್ತರಿಸಲಾಗುವುದು ಎಂದು ತಿಳಿಸಿದರು.
ಪ್ಲಾಂಟೇಷನ್ ನಿರ್ವಹಣೆ ಮಾಡಲಾಗುತ್ತಿದೆ. ಪ್ರತಿ ಸಸಿಗೂ ನೀರುಣಿಸುವ ವ್ಯವಸ್ಥೆ ಮಾಡಲಾಗಿದೆ. ಪ್ಲಾಂಟೇಷನ್ ಗಳಲ್ಲಿ ಪ್ರತಿ ಸಸಿಯೂ ಉಳಿಯುವಂತೆ ಎಚ್ಚರಿಕೆ ವಹಿಸಲಾಗಿದೆ. ಈ ಅಭಿಯಾನದಲ್ಲಿ 1 ಲಕ್ಷ ಸಸಿಗಳನ್ನು ನೆಡಲಾಗಿದ್ದು 2024ರ ವೇಳೆಗೆ 1 ಲಕ್ಷ ಸಸಿಗಳನ್ನು ನೆಡುವ ಗುರಿ ಹೊಂದಲಾಗಿದೆ. ಒಟ್ಟು 626 ಹೆಕ್ಟೇರ್ ಪ್ರದೇಶದಲ್ಲಿ ಪ್ಲಾಂಟೇಷನ್ ಮಾಡಲಾಗಿದೆ. ಅರಣ್ಯೀಕರಣದ ಮೂಲಕ ಜಿಲ್ಲೆಯ ಹಸಿರು ಹೊದಿಕೆ ಪ್ರಮಾಣ ಹೆಚ್ಚಾಗಿದೆ. ಎಂ.ಬಿ.ಪಿ. ಅಧ್ಯಕ್ಷತೆಯಲ್ಲಿ ನಡೆದ ಕಾರ್ಯಕ್ರಮದಲ್ಲಿ ಹಲವು ಗಣ್ಯರು ಭಾಗವಹಿಸಿ ಸಸಿಗಳನ್ನು ನೆಟ್ಟರು. ಹಸಿರು ಪ್ರಮಾಣ ಶೇ.0.17ರಿಂದ ಶೇ.0.9ಕ್ಕೆ ಏರಿಕೆಯಾಗಿದೆ.
